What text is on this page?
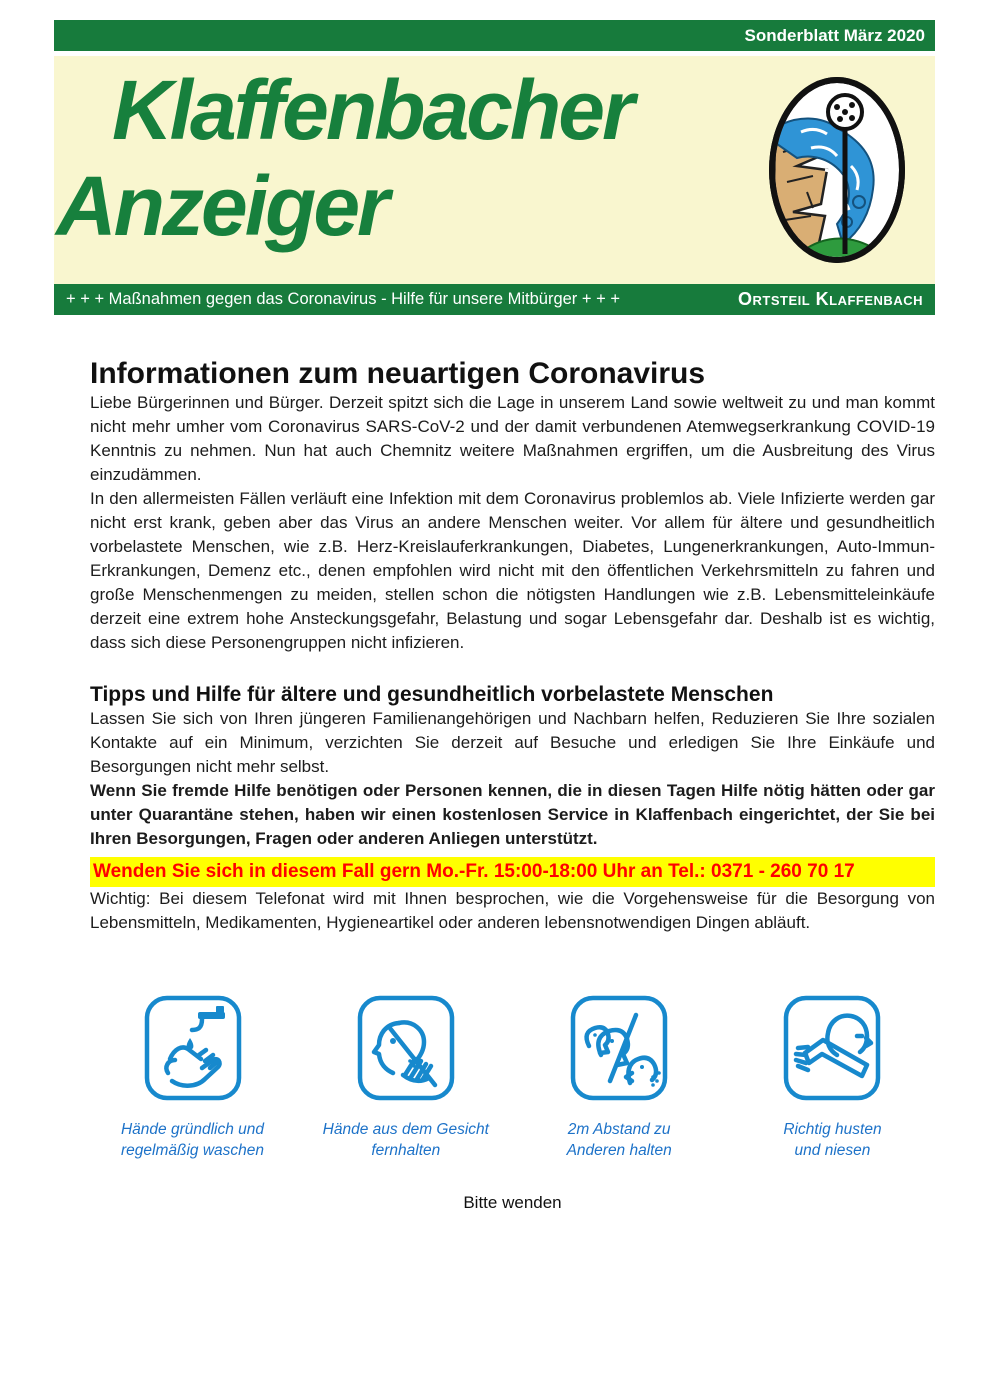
Sonderblatt März 2020
Klaffenbacher
Anzeiger
+ + + Maßnahmen gegen das Coronavirus - Hilfe für unsere Mitbürger + + +	Ortsteil Klaffenbach
Informationen zum neuartigen Coronavirus

Liebe Bürgerinnen und Bürger. Derzeit spitzt sich die Lage in unserem Land sowie weltweit zu und man kommt nicht mehr umher vom Coronavirus SARS-CoV-2 und der damit verbundenen Atemwegserkrankung COVID-19 Kenntnis zu nehmen. Nun hat auch Chemnitz weitere Maßnahmen ergriffen, um die Ausbreitung des Virus einzudämmen.

In den allermeisten Fällen verläuft eine Infektion mit dem Coronavirus problemlos ab. Viele Infizierte werden gar nicht erst krank, geben aber das Virus an andere Menschen weiter. Vor allem für ältere und gesundheitlich vorbelastete Menschen, wie z.B. Herz-Kreislauferkrankungen, Diabetes, Lungenerkrankungen, Auto-Immun-Erkrankungen, Demenz etc., denen empfohlen wird nicht mit den öffentlichen Verkehrsmitteln zu fahren und große Menschenmengen zu meiden, stellen schon die nötigsten Handlungen wie z.B. Lebensmitteleinkäufe derzeit eine extrem hohe Ansteckungsgefahr, Belastung und sogar Lebensgefahr dar. Deshalb ist es wichtig, dass sich diese Personengruppen nicht infizieren.

Tipps und Hilfe für ältere und gesundheitlich vorbelastete Menschen

Lassen Sie sich von Ihren jüngeren Familienangehörigen und Nachbarn helfen, Reduzieren Sie Ihre sozialen Kontakte auf ein Minimum, verzichten Sie derzeit auf Besuche und erledigen Sie Ihre Einkäufe und Besorgungen nicht mehr selbst.

Wenn Sie fremde Hilfe benötigen oder Personen kennen, die in diesen Tagen Hilfe nötig hätten oder gar unter Quarantäne stehen, haben wir einen kostenlosen Service in Klaffenbach eingerichtet, der Sie bei Ihren Besorgungen, Fragen oder anderen Anliegen unterstützt.

Wenden Sie sich in diesem Fall gern Mo.-Fr. 15:00-18:00 Uhr an Tel.: 0371 - 260 70 17

Wichtig: Bei diesem Telefonat wird mit Ihnen besprochen, wie die Vorgehensweise für die Besorgung von Lebensmitteln, Medikamenten, Hygieneartikel oder anderen lebensnotwendigen Dingen abläuft.

Hände gründlich und
regelmäßig waschen
Hände aus dem Gesicht
fernhalten
2m Abstand zu
Anderen halten
Richtig husten
und niesen
Bitte wenden
